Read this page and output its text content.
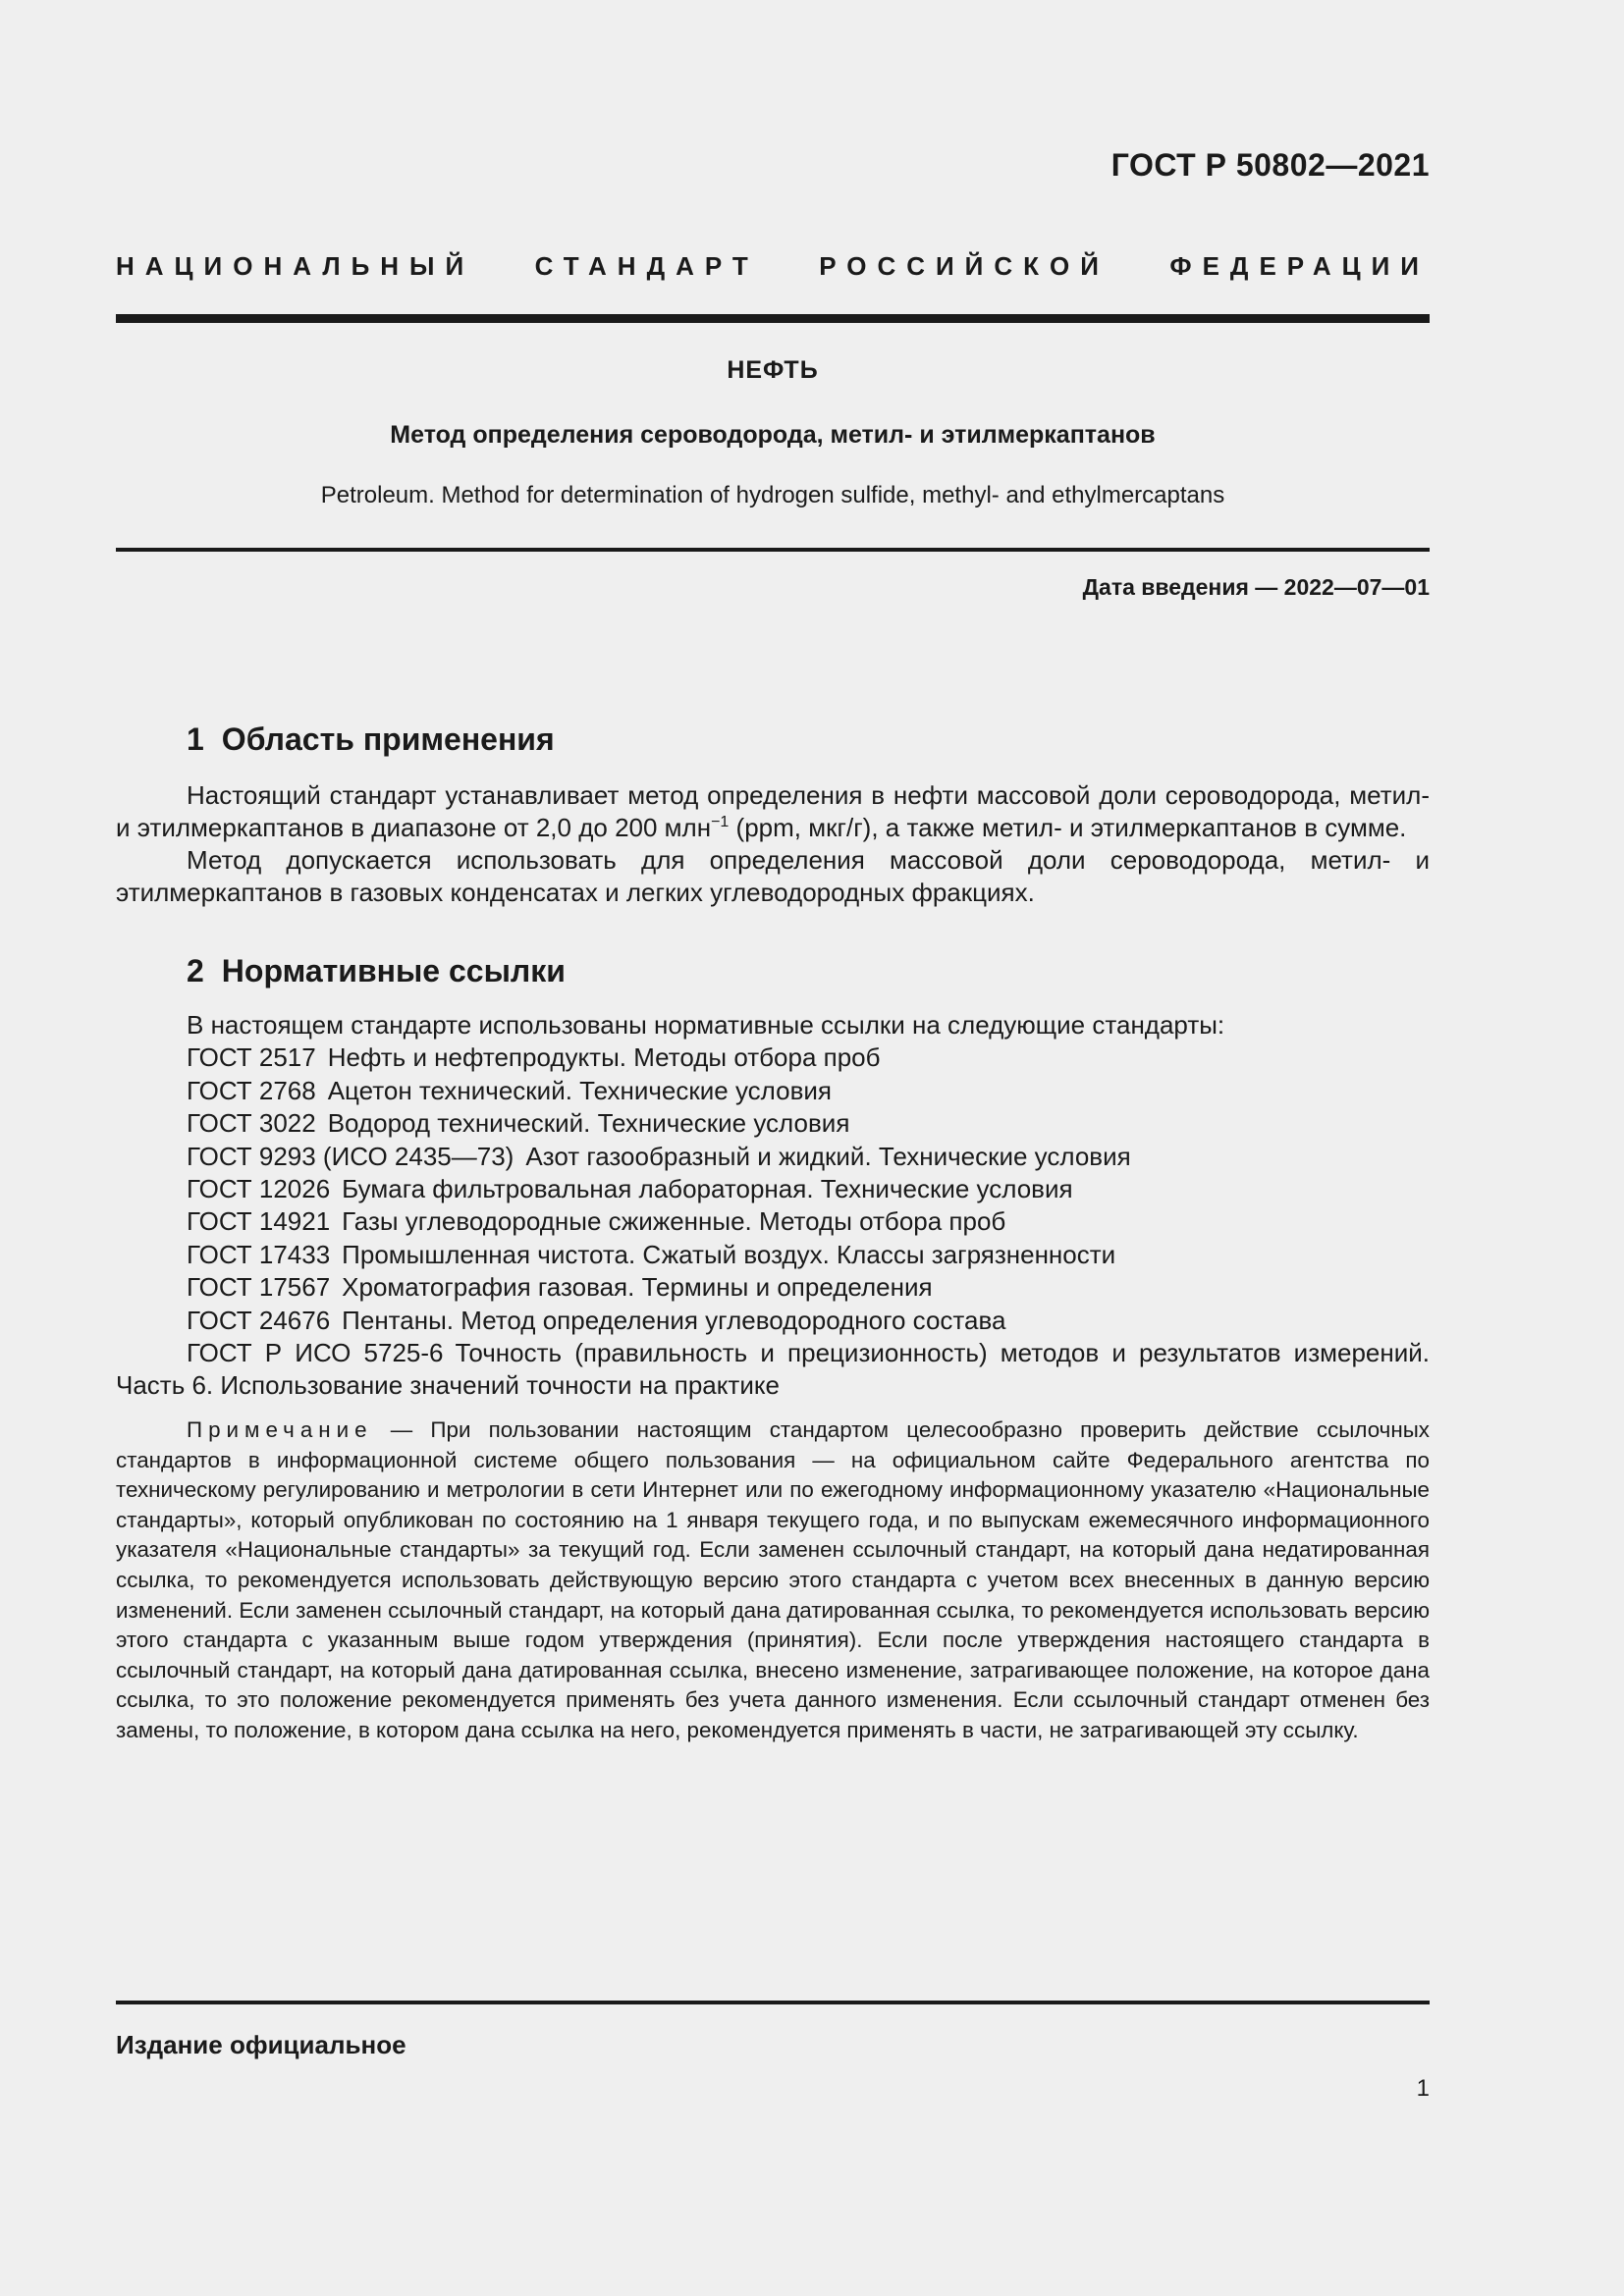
ГОСТ Р 50802—2021
НАЦИОНАЛЬНЫЙ СТАНДАРТ РОССИЙСКОЙ ФЕДЕРАЦИИ
НЕФТЬ
Метод определения сероводорода, метил- и этилмеркаптанов
Petroleum. Method for determination of hydrogen sulfide, methyl- and ethylmercaptans
Дата введения — 2022—07—01
1 Область применения

Настоящий стандарт устанавливает метод определения в нефти массовой доли сероводорода, метил- и этилмеркаптанов в диапазоне от 2,0 до 200 млн$^{-1}$ (ppm, мкг/г), а также метил- и этилмеркаптанов в сумме.

Метод допускается использовать для определения массовой доли сероводорода, метил- и этилмеркаптанов в газовых конденсатах и легких углеводородных фракциях.

2 Нормативные ссылки
В настоящем стандарте использованы нормативные ссылки на следующие стандарты:
ГОСТ 2517 Нефть и нефтепродукты. Методы отбора проб
ГОСТ 2768 Ацетон технический. Технические условия
ГОСТ 3022 Водород технический. Технические условия
ГОСТ 9293 (ИСО 2435—73) Азот газообразный и жидкий. Технические условия
ГОСТ 12026 Бумага фильтровальная лабораторная. Технические условия
ГОСТ 14921 Газы углеводородные сжиженные. Методы отбора проб
ГОСТ 17433 Промышленная чистота. Сжатый воздух. Классы загрязненности
ГОСТ 17567 Хроматография газовая. Термины и определения
ГОСТ 24676 Пентаны. Метод определения углеводородного состава

ГОСТ Р ИСО 5725-6 Точность (правильность и прецизионность) методов и результатов измерений. Часть 6. Использование значений точности на практике

Примечание — При пользовании настоящим стандартом целесообразно проверить действие ссылочных стандартов в информационной системе общего пользования — на официальном сайте Федерального агентства по техническому регулированию и метрологии в сети Интернет или по ежегодному информационному указателю «Национальные стандарты», который опубликован по состоянию на 1 января текущего года, и по выпускам ежемесячного информационного указателя «Национальные стандарты» за текущий год. Если заменен ссылочный стандарт, на который дана недатированная ссылка, то рекомендуется использовать действующую версию этого стандарта с учетом всех внесенных в данную версию изменений. Если заменен ссылочный стандарт, на который дана датированная ссылка, то рекомендуется использовать версию этого стандарта с указанным выше годом утверждения (принятия). Если после утверждения настоящего стандарта в ссылочный стандарт, на который дана датированная ссылка, внесено изменение, затрагивающее положение, на которое дана ссылка, то это положение рекомендуется применять без учета данного изменения. Если ссылочный стандарт отменен без замены, то положение, в котором дана ссылка на него, рекомендуется применять в части, не затрагивающей эту ссылку.

Издание официальное
1
